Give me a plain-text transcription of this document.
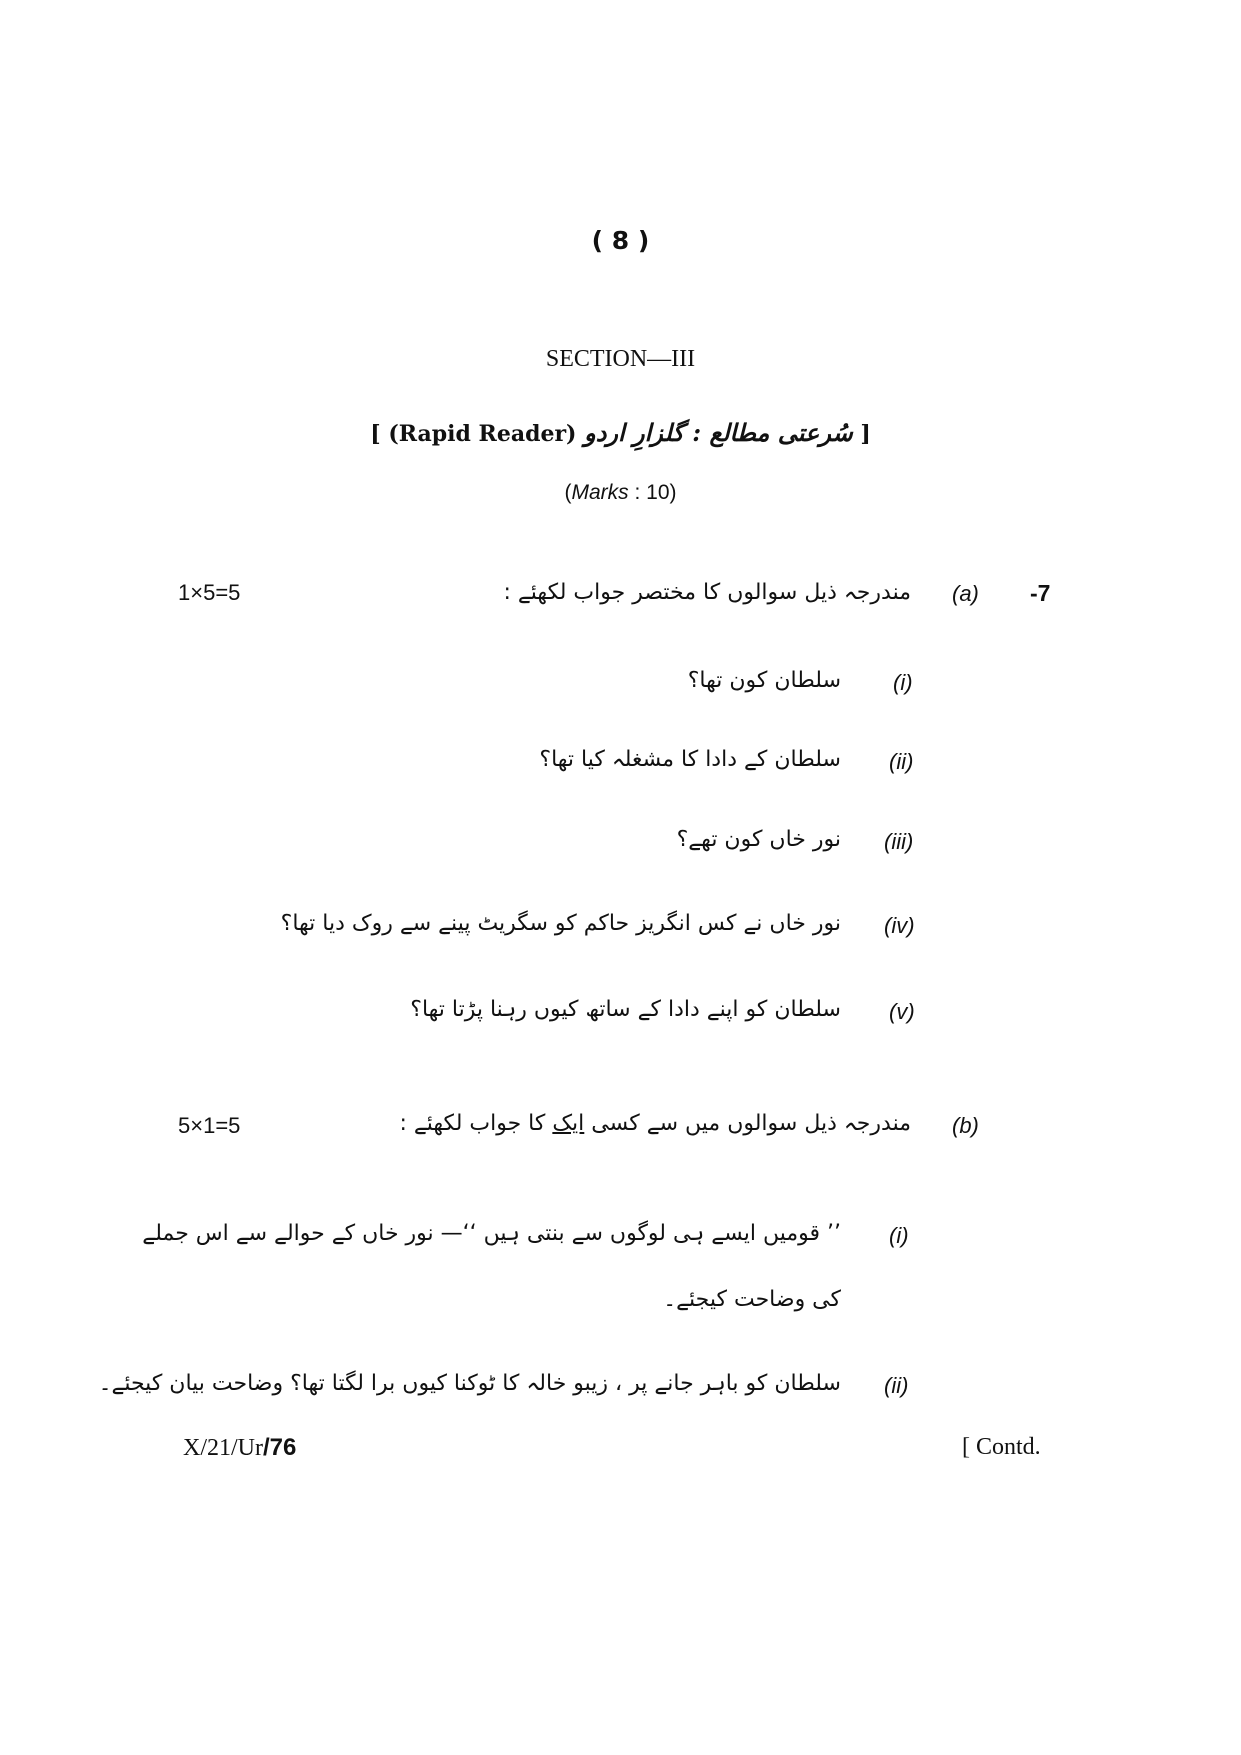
( 8 )
SECTION—III
[ (Rapid Reader) سُرعتی مطالع : گلزارِ اردو ]
(Marks : 10)
-7
(a)
مندرجہ ذیل سوالوں کا مختصر جواب لکھئے :
1×5=5
(i)
سلطان کون تھا؟
(ii)
سلطان کے دادا کا مشغلہ کیا تھا؟
(iii)
نور خاں کون تھے؟
(iv)
نور خاں نے کس انگریز حاکم کو سگریٹ پینے سے روک دیا تھا؟
(v)
سلطان کو اپنے دادا کے ساتھ کیوں رہنا پڑتا تھا؟
(b)
مندرجہ ذیل سوالوں میں سے کسی ایک کا جواب لکھئے :
5×1=5
(i)
’’ قومیں ایسے ہی لوگوں سے بنتی ہیں ‘‘— نور خاں کے حوالے سے اس جملے
کی وضاحت کیجئے۔
(ii)
سلطان کو باہر جانے پر ، زیبو خالہ کا ٹوکنا کیوں برا لگتا تھا؟ وضاحت بیان کیجئے۔
X/21/Ur/76	[ Contd.
